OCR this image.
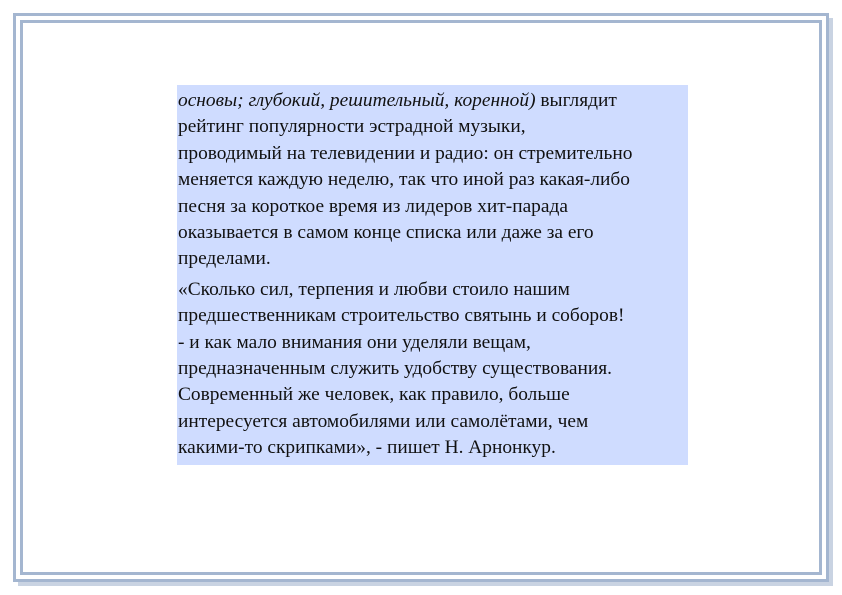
основы; глубокий, решительный, коренной) выглядит
рейтинг популярности эстрадной музыки,
проводимый на телевидении и радио: он стремительно
меняется каждую неделю, так что иной раз какая-либо
песня за короткое время из лидеров хит-парада
оказывается в самом конце списка или даже за его
пределами.

«Сколько сил, терпения и любви стоило нашим
предшественникам строительство святынь и соборов!
- и как мало внимания они уделяли вещам,
предназначенным служить удобству существования.
Современный же человек, как правило, больше
интересуется автомобилями или самолётами, чем
какими-то скрипками», - пишет Н. Арнонкур.
